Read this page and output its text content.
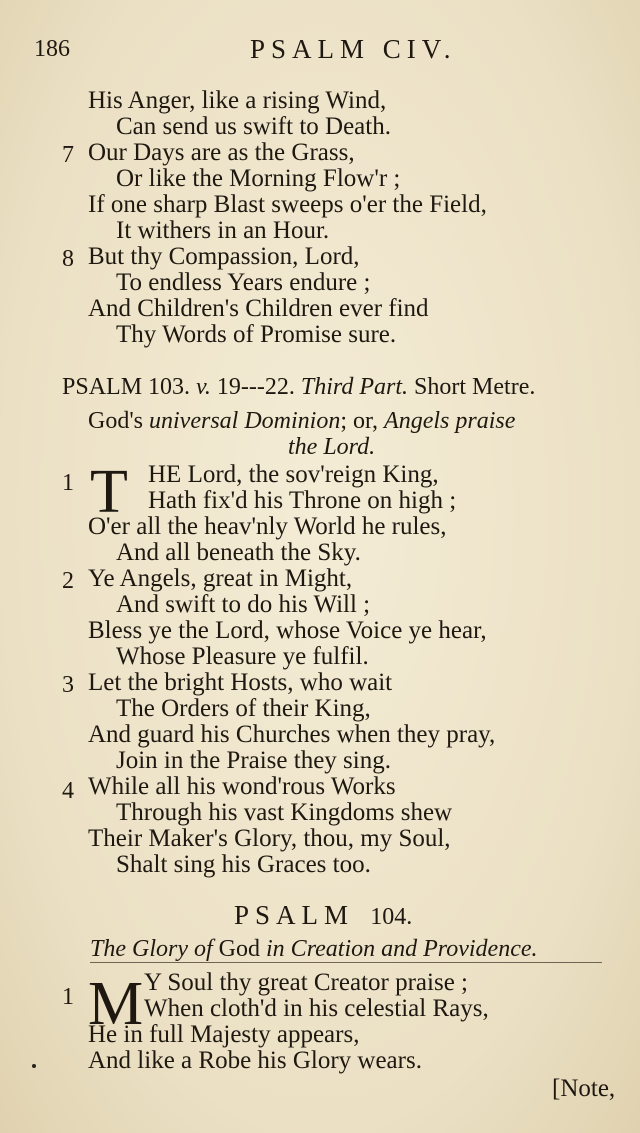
186	PSALM CIV.
His Anger, like a rising Wind,
Can send us swift to Death.
7 Our Days are as the Grass,
Or like the Morning Flow'r ;
If one sharp Blast sweeps o'er the Field,
It withers in an Hour.
8 But thy Compassion, Lord,
To endless Years endure ;
And Children's Children ever find
Thy Words of Promise sure.
PSALM 103. v. 19---22. Third Part. Short Metre.
God's universal Dominion; or, Angels praise
the Lord.
1 T HE Lord, the sov'reign King,
Hath fix'd his Throne on high ;
O'er all the heav'nly World he rules,
And all beneath the Sky.
2 Ye Angels, great in Might,
And swift to do his Will ;
Bless ye the Lord, whose Voice ye hear,
Whose Pleasure ye fulfil.
3 Let the bright Hosts, who wait
The Orders of their King,
And guard his Churches when they pray,
Join in the Praise they sing.
4 While all his wond'rous Works
Through his vast Kingdoms shew
Their Maker's Glory, thou, my Soul,
Shalt sing his Graces too.
PSALM 104.
The Glory of God in Creation and Providence.
1 M Y Soul thy great Creator praise ;
When cloth'd in his celestial Rays,
He in full Majesty appears,
And like a Robe his Glory wears.
[Note,
